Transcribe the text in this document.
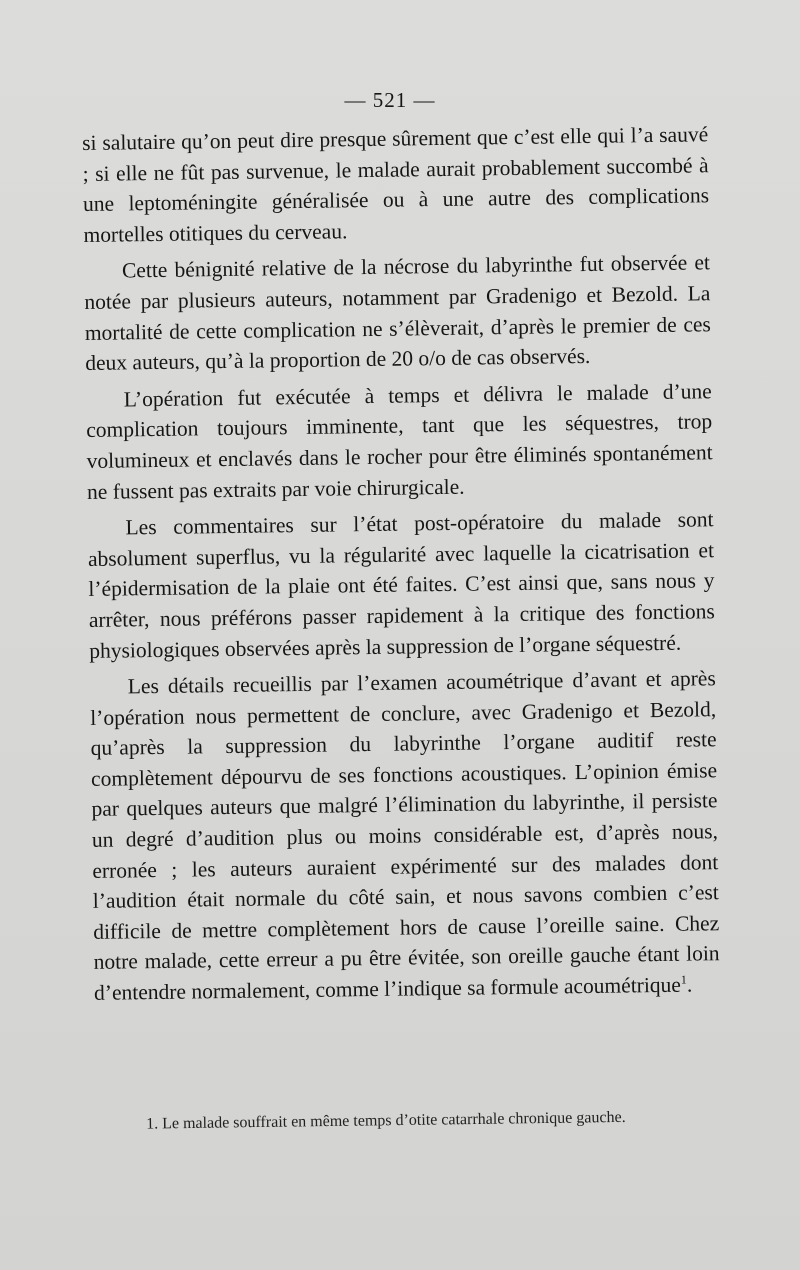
— 521 —

si salutaire qu’on peut dire presque sûrement que c’est elle qui l’a sauvé ; si elle ne fût pas survenue, le malade aurait probablement succombé à une leptoméningite généralisée ou à une autre des complications mortelles otitiques du cerveau.

Cette bénignité relative de la nécrose du labyrinthe fut observée et notée par plusieurs auteurs, notamment par Gradenigo et Bezold. La mortalité de cette complication ne s’élèverait, d’après le premier de ces deux auteurs, qu’à la proportion de 20 o/o de cas observés.

L’opération fut exécutée à temps et délivra le malade d’une complication toujours imminente, tant que les séquestres, trop volumineux et enclavés dans le rocher pour être éliminés spontanément ne fussent pas extraits par voie chirurgicale.

Les commentaires sur l’état post-opératoire du malade sont absolument superflus, vu la régularité avec laquelle la cicatrisation et l’épidermisation de la plaie ont été faites. C’est ainsi que, sans nous y arrêter, nous préférons passer rapidement à la critique des fonctions physiologiques observées après la suppression de l’organe séquestré.

Les détails recueillis par l’examen acoumétrique d’avant et après l’opération nous permettent de conclure, avec Gradenigo et Bezold, qu’après la suppression du labyrinthe l’organe auditif reste complètement dépourvu de ses fonctions acoustiques. L’opinion émise par quelques auteurs que malgré l’élimination du labyrinthe, il persiste un degré d’audition plus ou moins considérable est, d’après nous, erronée ; les auteurs auraient expérimenté sur des malades dont l’audition était normale du côté sain, et nous savons combien c’est difficile de mettre complètement hors de cause l’oreille saine. Chez notre malade, cette erreur a pu être évitée, son oreille gauche étant loin d’entendre normalement, comme l’indique sa formule acoumétrique$^1$.

1. Le malade souffrait en même temps d’otite catarrhale chronique gauche.
